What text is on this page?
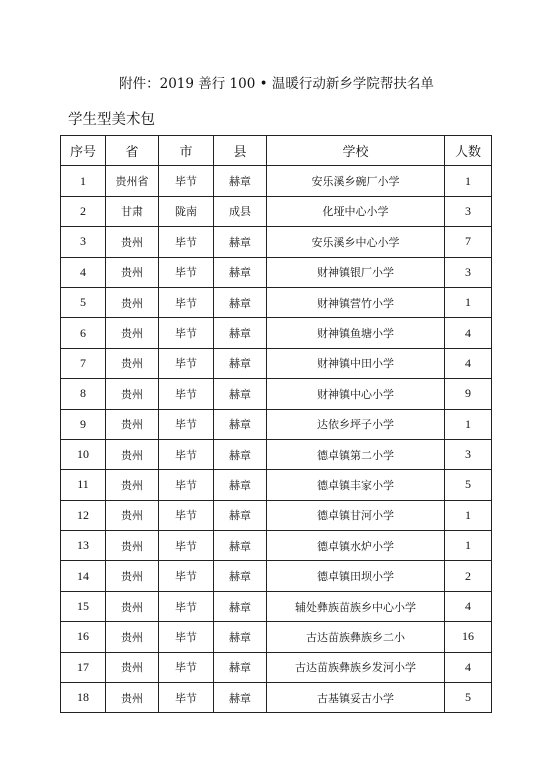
附件：2019 善行 100 • 温暖行动新乡学院帮扶名单
学生型美术包
序号	省	市	县	学校	人数
1	贵州省	毕节	赫章	安乐溪乡碗厂小学	1
2	甘肃	陇南	成县	化垭中心小学	3
3	贵州	毕节	赫章	安乐溪乡中心小学	7
4	贵州	毕节	赫章	财神镇银厂小学	3
5	贵州	毕节	赫章	财神镇营竹小学	1
6	贵州	毕节	赫章	财神镇鱼塘小学	4
7	贵州	毕节	赫章	财神镇中田小学	4
8	贵州	毕节	赫章	财神镇中心小学	9
9	贵州	毕节	赫章	达依乡坪子小学	1
10	贵州	毕节	赫章	德卓镇第二小学	3
11	贵州	毕节	赫章	德卓镇丰家小学	5
12	贵州	毕节	赫章	德卓镇甘河小学	1
13	贵州	毕节	赫章	德卓镇水炉小学	1
14	贵州	毕节	赫章	德卓镇田坝小学	2
15	贵州	毕节	赫章	辅处彝族苗族乡中心小学	4
16	贵州	毕节	赫章	古达苗族彝族乡二小	16
17	贵州	毕节	赫章	古达苗族彝族乡发河小学	4
18	贵州	毕节	赫章	古基镇妥古小学	5
